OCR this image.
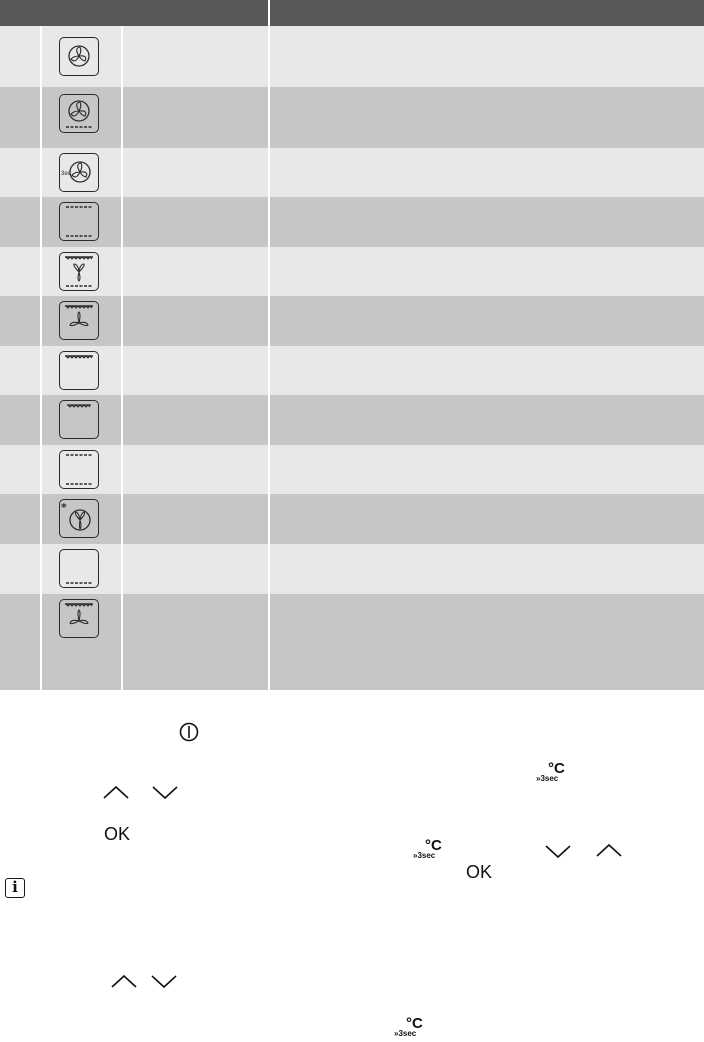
3ec
*
OK
i
°C
»3sec
°C
»3sec
OK
°C
»3sec
